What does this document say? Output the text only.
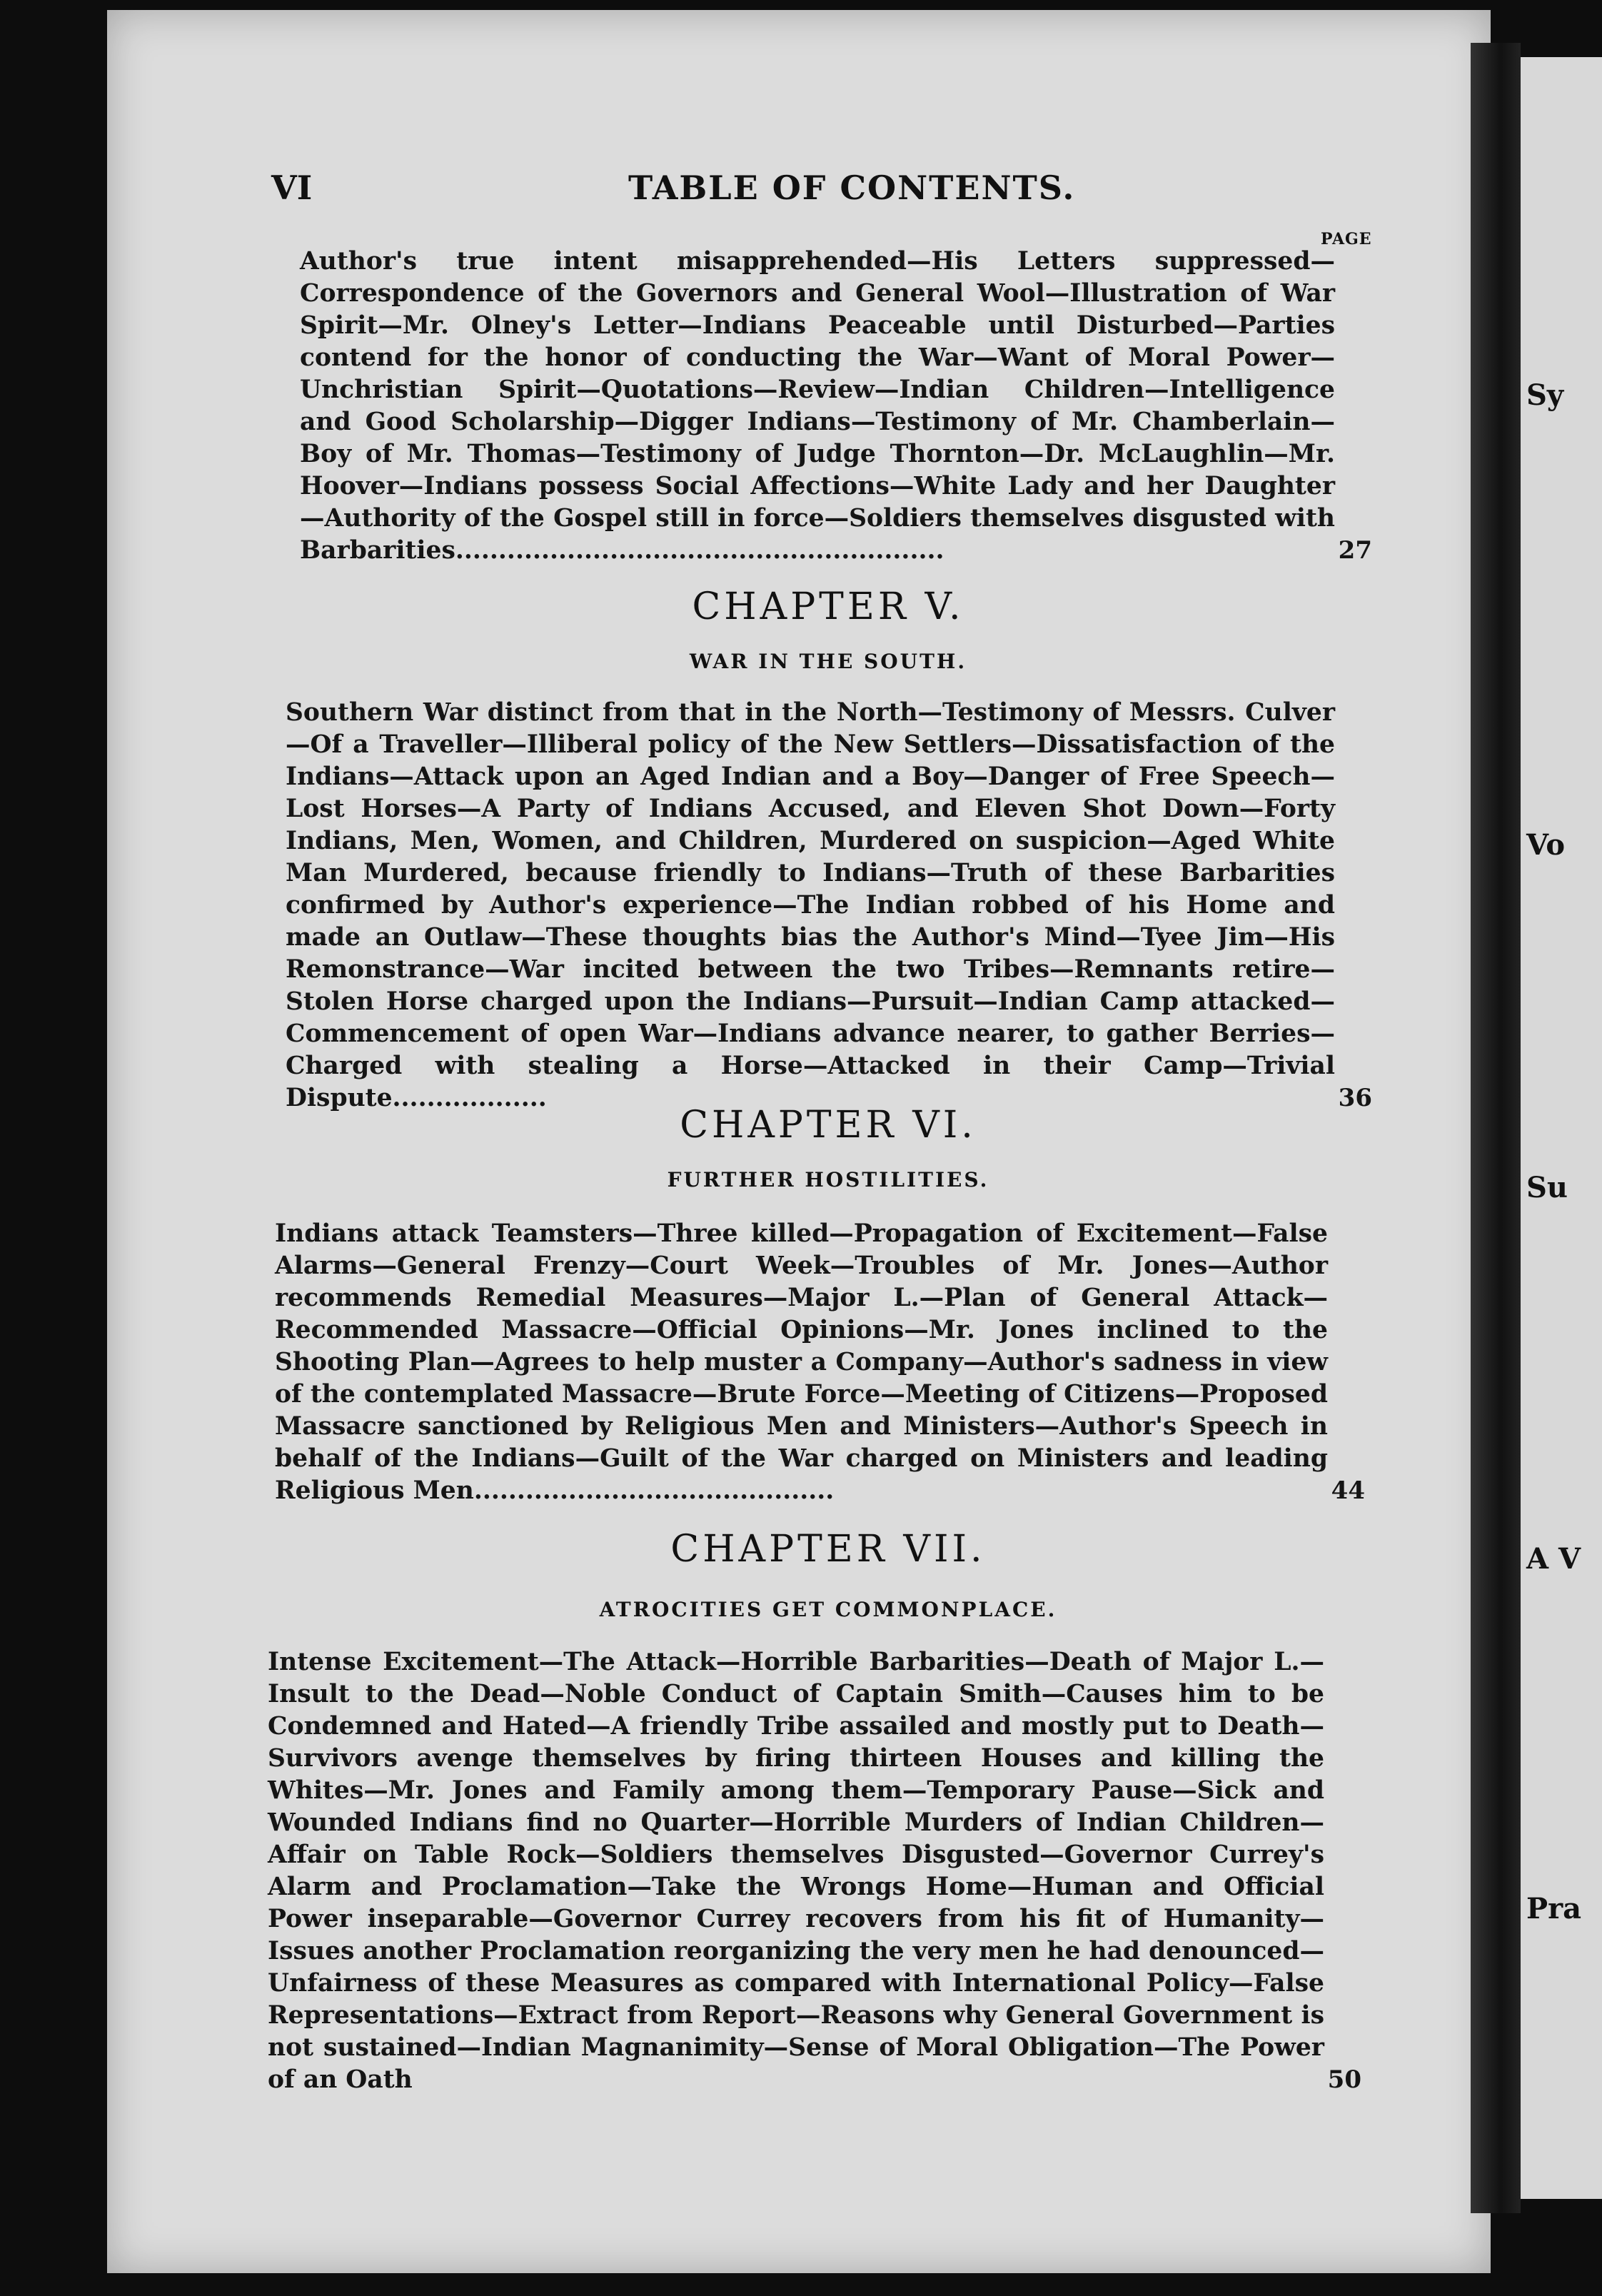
Sy
Vo
Su
A V
Pra
VI	TABLE OF CONTENTS.
PAGE
Author's true intent misapprehended—His Letters suppressed—Correspondence of the Governors and General Wool—Illustration of War Spirit—Mr. Olney's Letter—Indians Peaceable until Disturbed—Parties contend for the honor of conducting the War—Want of Moral Power—Unchristian Spirit—Quotations—Review—Indian Children—Intelligence and Good Scholarship—Digger Indians—Testimony of Mr. Chamberlain—Boy of Mr. Thomas—Testimony of Judge Thornton—Dr. McLaughlin—Mr. Hoover—Indians possess Social Affections—White Lady and her Daughter—Authority of the Gospel still in force—Soldiers themselves disgusted with Barbarities.........................................................	27
CHAPTER V.
WAR IN THE SOUTH.
Southern War distinct from that in the North—Testimony of Messrs. Culver—Of a Traveller—Illiberal policy of the New Settlers—Dissatisfaction of the Indians—Attack upon an Aged Indian and a Boy—Danger of Free Speech—Lost Horses—A Party of Indians Accused, and Eleven Shot Down—Forty Indians, Men, Women, and Children, Murdered on suspicion—Aged White Man Murdered, because friendly to Indians—Truth of these Barbarities confirmed by Author's experience—The Indian robbed of his Home and made an Outlaw—These thoughts bias the Author's Mind—Tyee Jim—His Remonstrance—War incited between the two Tribes—Remnants retire—Stolen Horse charged upon the Indians—Pursuit—Indian Camp attacked—Commencement of open War—Indians advance nearer, to gather Berries—Charged with stealing a Horse—Attacked in their Camp—Trivial Dispute..................	36
CHAPTER VI.
FURTHER HOSTILITIES.
Indians attack Teamsters—Three killed—Propagation of Excitement—False Alarms—General Frenzy—Court Week—Troubles of Mr. Jones—Author recommends Remedial Measures—Major L.—Plan of General Attack—Recommended Massacre—Official Opinions—Mr. Jones inclined to the Shooting Plan—Agrees to help muster a Company—Author's sadness in view of the contemplated Massacre—Brute Force—Meeting of Citizens—Proposed Massacre sanctioned by Religious Men and Ministers—Author's Speech in behalf of the Indians—Guilt of the War charged on Ministers and leading Religious Men..........................................	44
CHAPTER VII.
ATROCITIES GET COMMONPLACE.
Intense Excitement—The Attack—Horrible Barbarities—Death of Major L.—Insult to the Dead—Noble Conduct of Captain Smith—Causes him to be Condemned and Hated—A friendly Tribe assailed and mostly put to Death—Survivors avenge themselves by firing thirteen Houses and killing the Whites—Mr. Jones and Family among them—Temporary Pause—Sick and Wounded Indians find no Quarter—Horrible Murders of Indian Children—Affair on Table Rock—Soldiers themselves Disgusted—Governor Currey's Alarm and Proclamation—Take the Wrongs Home—Human and Official Power inseparable—Governor Currey recovers from his fit of Humanity—Issues another Proclamation reorganizing the very men he had denounced—Unfairness of these Measures as compared with International Policy—False Representations—Extract from Report—Reasons why General Government is not sustained—Indian Magnanimity—Sense of Moral Obligation—The Power of an Oath	50
